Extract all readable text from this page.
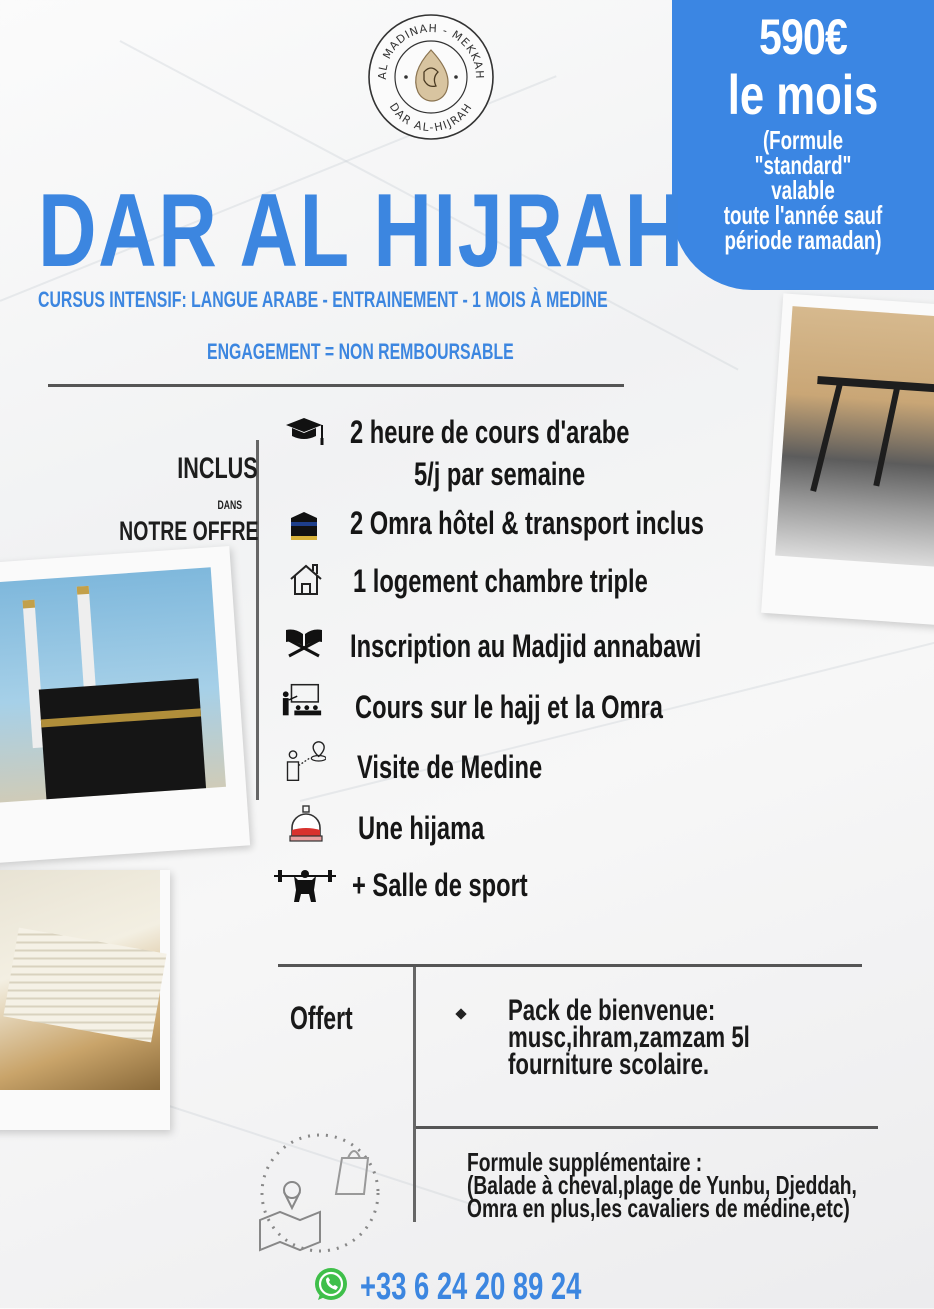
AL MADINAH - MEKKAH
DAR AL-HIJRAH
590€
le mois
(Formule
"standard"
valable
toute l'année sauf
période ramadan)
DAR AL HIJRAH
CURSUS INTENSIF: LANGUE ARABE - ENTRAINEMENT - 1 MOIS À MEDINE
ENGAGEMENT = NON REMBOURSABLE
INCLUS
DANS
NOTRE OFFRE
2 heure de cours d'arabe
5/j par semaine
2 Omra hôtel & transport inclus
1 logement chambre triple
Inscription au Madjid annabawi
Cours sur le hajj et la Omra
Visite de Medine
Une hijama
+ Salle de sport
Offert	Pack de bienvenue:
musc,ihram,zamzam 5l
fourniture scolaire.
Formule supplémentaire :
(Balade à cheval,plage de Yunbu, Djeddah,
Omra en plus,les cavaliers de médine,etc)
+33 6 24 20 89 24
